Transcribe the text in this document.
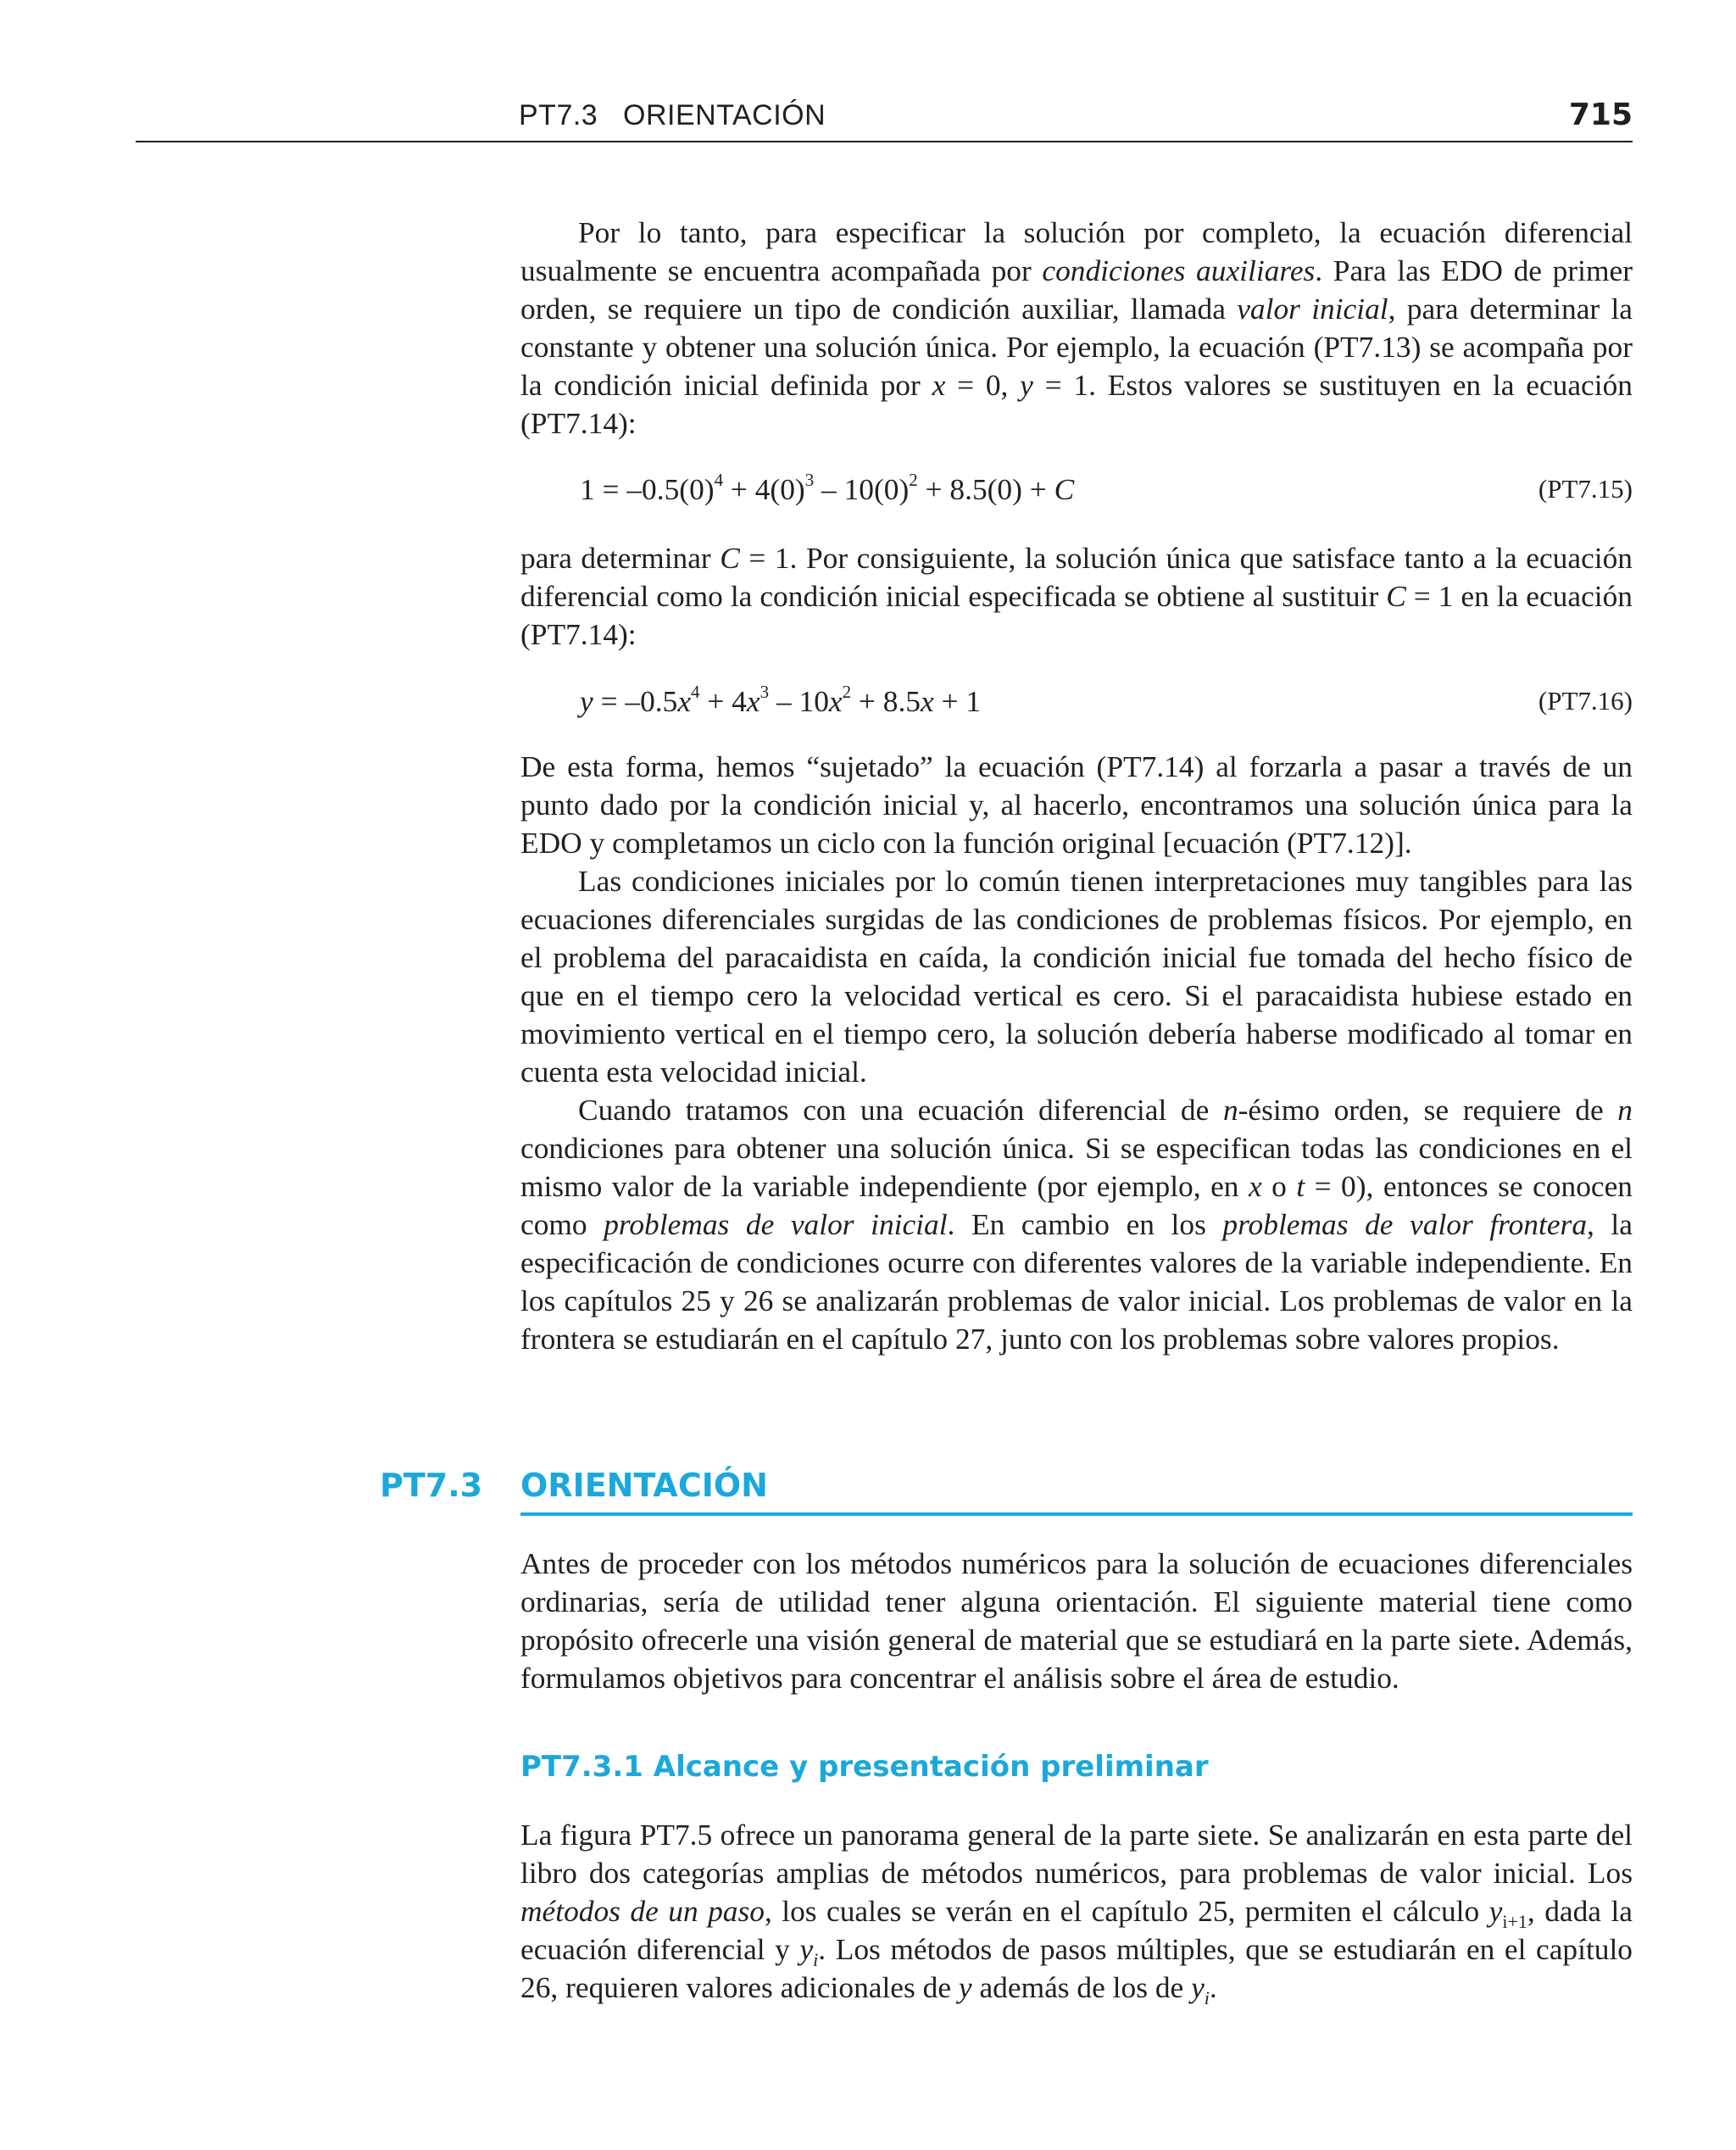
PT7.3   ORIENTACIÓN	715

Por lo tanto, para especificar la solución por completo, la ecuación diferencial usualmente se encuentra acompañada por condiciones auxiliares. Para las EDO de primer orden, se requiere un tipo de condición auxiliar, llamada valor inicial, para determinar la constante y obtener una solución única. Por ejemplo, la ecuación (PT7.13) se acompaña por la condición inicial definida por x = 0, y = 1. Estos valores se sustituyen en la ecuación (PT7.14):

$1 = -0.5(0)^4 + 4(0)^3 - 10(0)^2 + 8.5(0) + C$	(PT7.15)

para determinar C = 1. Por consiguiente, la solución única que satisface tanto a la ecuación diferencial como la condición inicial especificada se obtiene al sustituir C = 1 en la ecuación (PT7.14):

$y = -0.5x^4 + 4x^3 - 10x^2 + 8.5x + 1$	(PT7.16)

De esta forma, hemos “sujetado” la ecuación (PT7.14) al forzarla a pasar a través de un punto dado por la condición inicial y, al hacerlo, encontramos una solución única para la EDO y completamos un ciclo con la función original [ecuación (PT7.12)].

Las condiciones iniciales por lo común tienen interpretaciones muy tangibles para las ecuaciones diferenciales surgidas de las condiciones de problemas físicos. Por ejemplo, en el problema del paracaidista en caída, la condición inicial fue tomada del hecho físico de que en el tiempo cero la velocidad vertical es cero. Si el paracaidista hubiese estado en movimiento vertical en el tiempo cero, la solución debería haberse modificado al tomar en cuenta esta velocidad inicial.

Cuando tratamos con una ecuación diferencial de n-ésimo orden, se requiere de n condiciones para obtener una solución única. Si se especifican todas las condiciones en el mismo valor de la variable independiente (por ejemplo, en x o t = 0), entonces se conocen como problemas de valor inicial. En cambio en los problemas de valor frontera, la especificación de condiciones ocurre con diferentes valores de la variable independiente. En los capítulos 25 y 26 se analizarán problemas de valor inicial. Los problemas de valor en la frontera se estudiarán en el capítulo 27, junto con los problemas sobre valores propios.

PT7.3 ORIENTACIÓN

Antes de proceder con los métodos numéricos para la solución de ecuaciones diferenciales ordinarias, sería de utilidad tener alguna orientación. El siguiente material tiene como propósito ofrecerle una visión general de material que se estudiará en la parte siete. Además, formulamos objetivos para concentrar el análisis sobre el área de estudio.

PT7.3.1 Alcance y presentación preliminar

La figura PT7.5 ofrece un panorama general de la parte siete. Se analizarán en esta parte del libro dos categorías amplias de métodos numéricos, para problemas de valor inicial. Los métodos de un paso, los cuales se verán en el capítulo 25, permiten el cálculo $y_{i+1}$, dada la ecuación diferencial y $y_i$. Los métodos de pasos múltiples, que se estudiarán en el capítulo 26, requieren valores adicionales de y además de los de $y_i$.
